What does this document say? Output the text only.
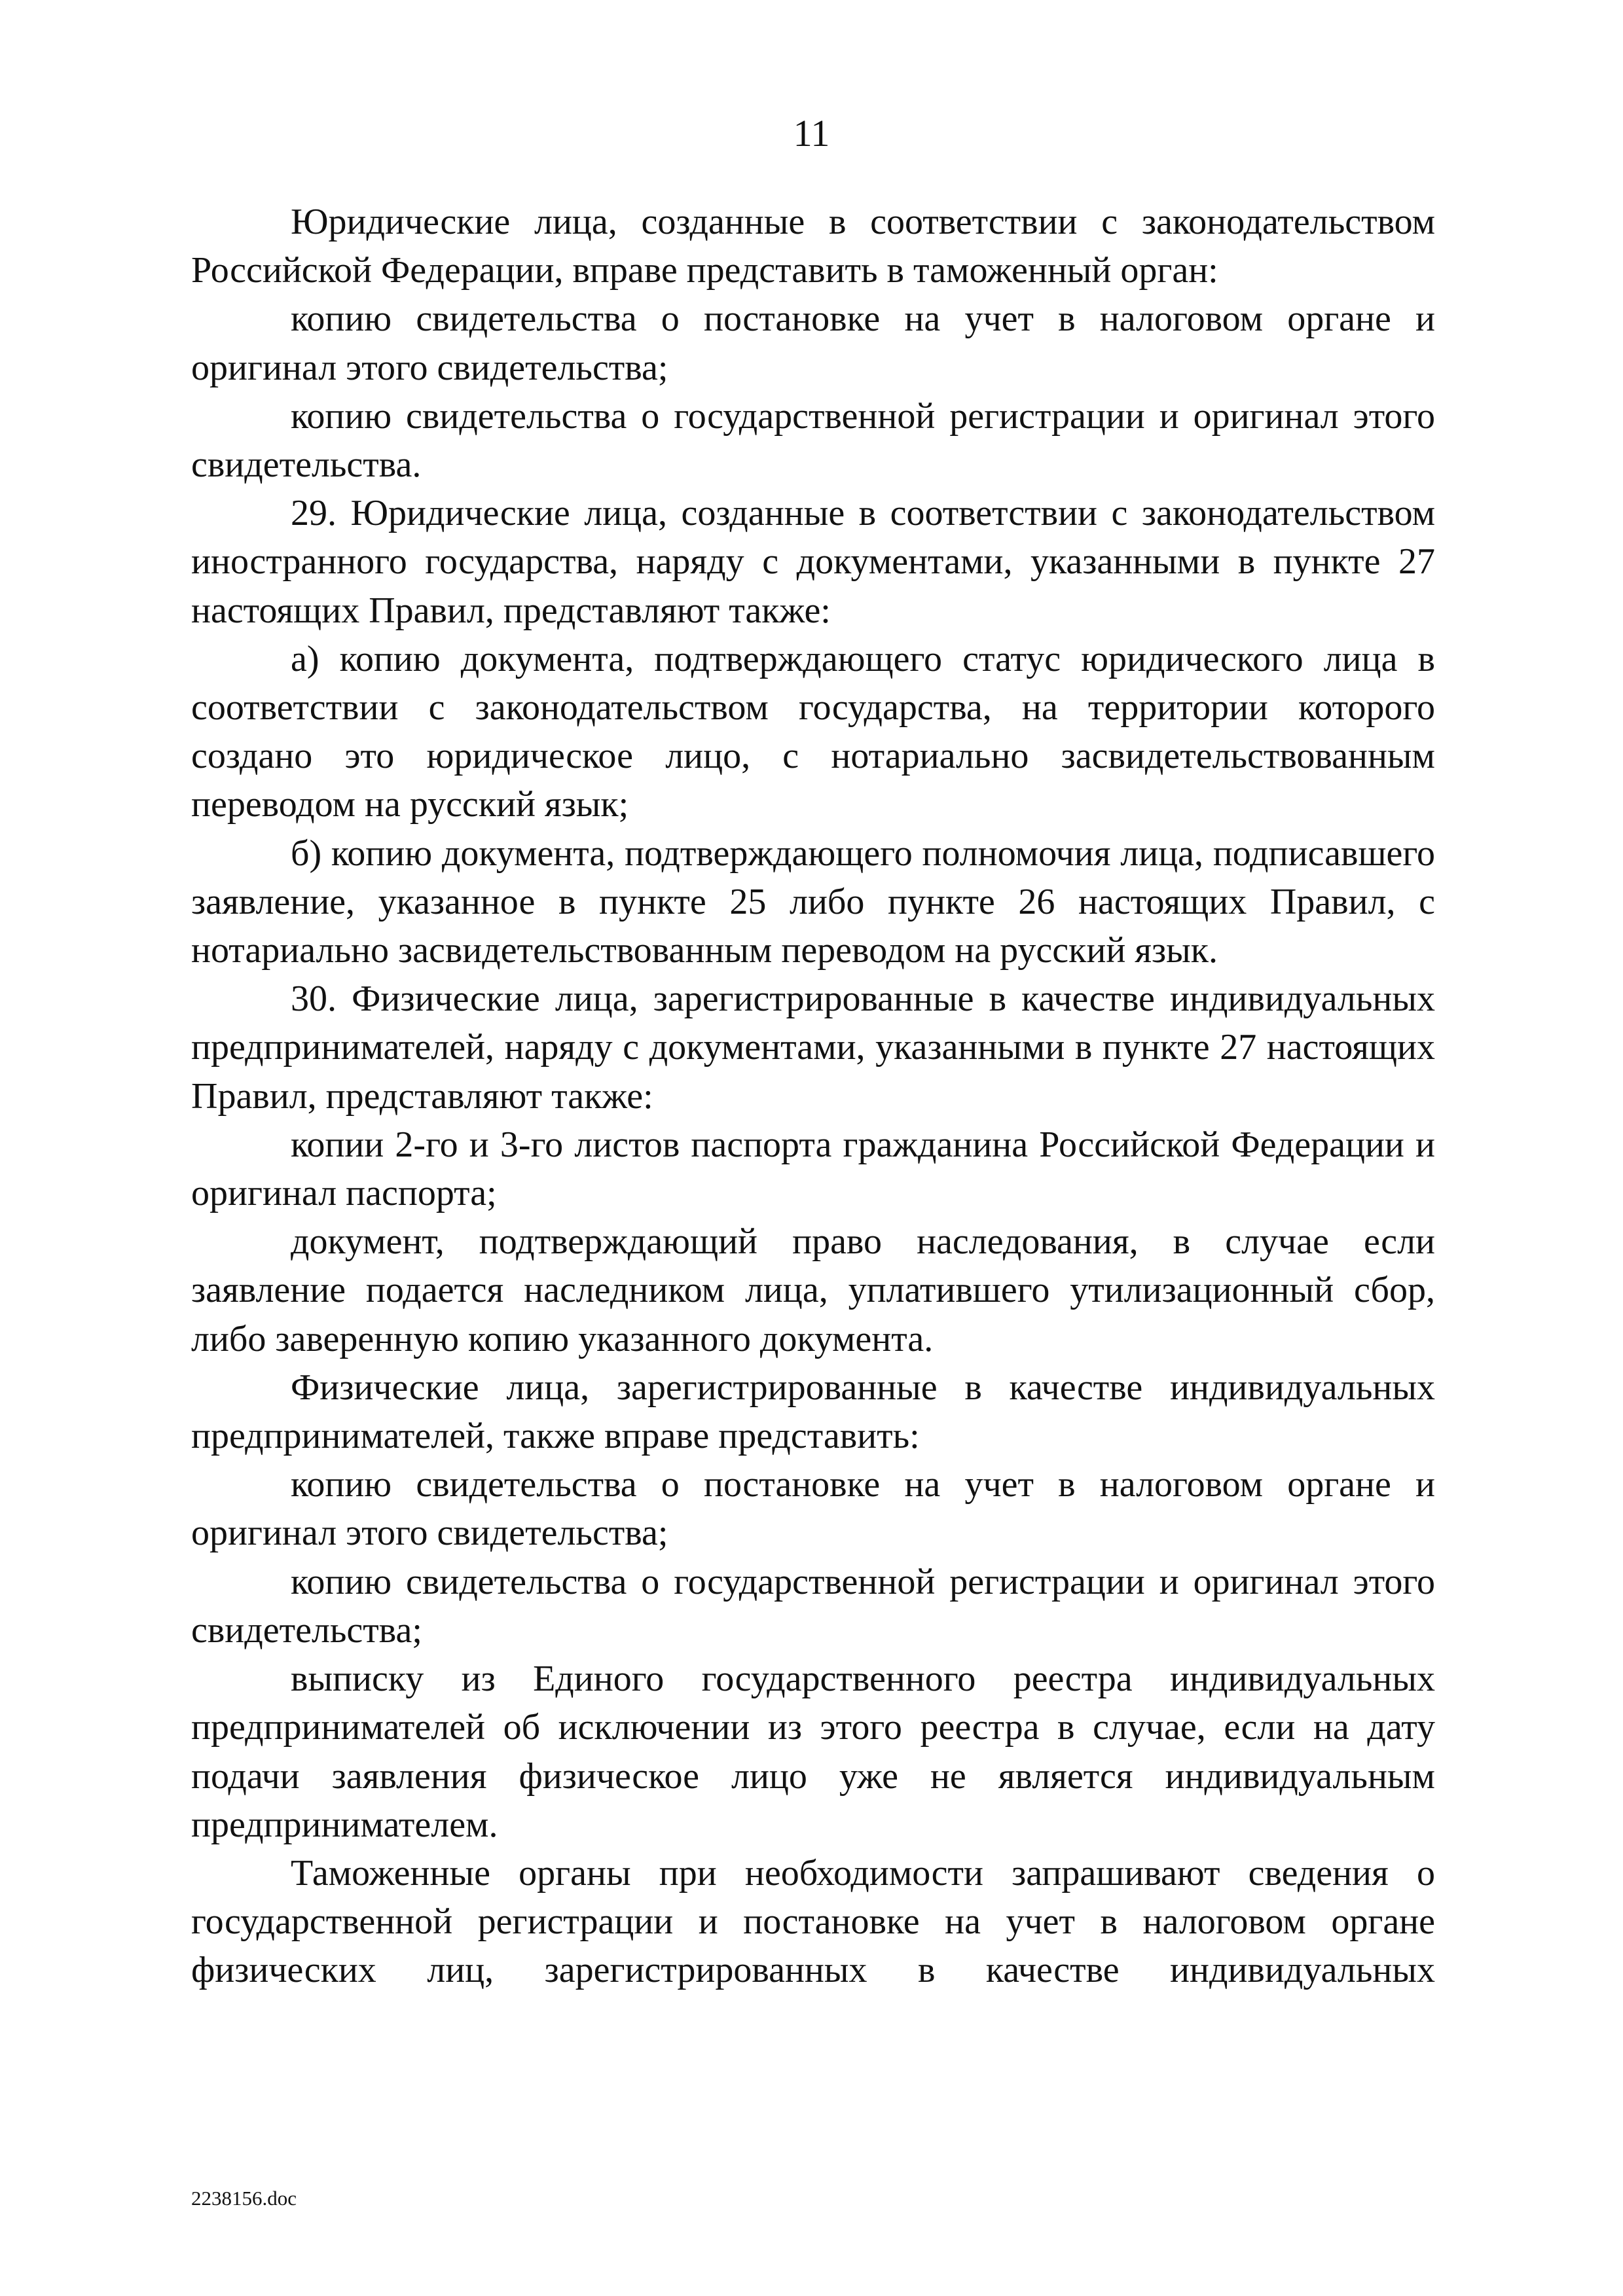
11

Юридические лица, созданные в соответствии с законодательством Российской Федерации, вправе представить в таможенный орган:

копию свидетельства о постановке на учет в налоговом органе и оригинал этого свидетельства;

копию свидетельства о государственной регистрации и оригинал этого свидетельства.

29. Юридические лица, созданные в соответствии с законодательством иностранного государства, наряду с документами, указанными в пункте 27 настоящих Правил, представляют также:

а) копию документа, подтверждающего статус юридического лица в соответствии с законодательством государства, на территории которого создано это юридическое лицо, с нотариально засвидетельствованным переводом на русский язык;

б) копию документа, подтверждающего полномочия лица, подписавшего заявление, указанное в пункте 25 либо пункте 26 настоящих Правил, с нотариально засвидетельствованным переводом на русский язык.

30. Физические лица, зарегистрированные в качестве индивидуальных предпринимателей, наряду с документами, указанными в пункте 27 настоящих Правил, представляют также:

копии 2-го и 3-го листов паспорта гражданина Российской Федерации и оригинал паспорта;

документ, подтверждающий право наследования, в случае если заявление подается наследником лица, уплатившего утилизационный сбор, либо заверенную копию указанного документа.

Физические лица, зарегистрированные в качестве индивидуальных предпринимателей, также вправе представить:

копию свидетельства о постановке на учет в налоговом органе и оригинал этого свидетельства;

копию свидетельства о государственной регистрации и оригинал этого свидетельства;

выписку из Единого государственного реестра индивидуальных предпринимателей об исключении из этого реестра в случае, если на дату подачи заявления физическое лицо уже не является индивидуальным предпринимателем.

Таможенные органы при необходимости запрашивают сведения о государственной регистрации и постановке на учет в налоговом органе физических лиц, зарегистрированных в качестве индивидуальных

2238156.doc
